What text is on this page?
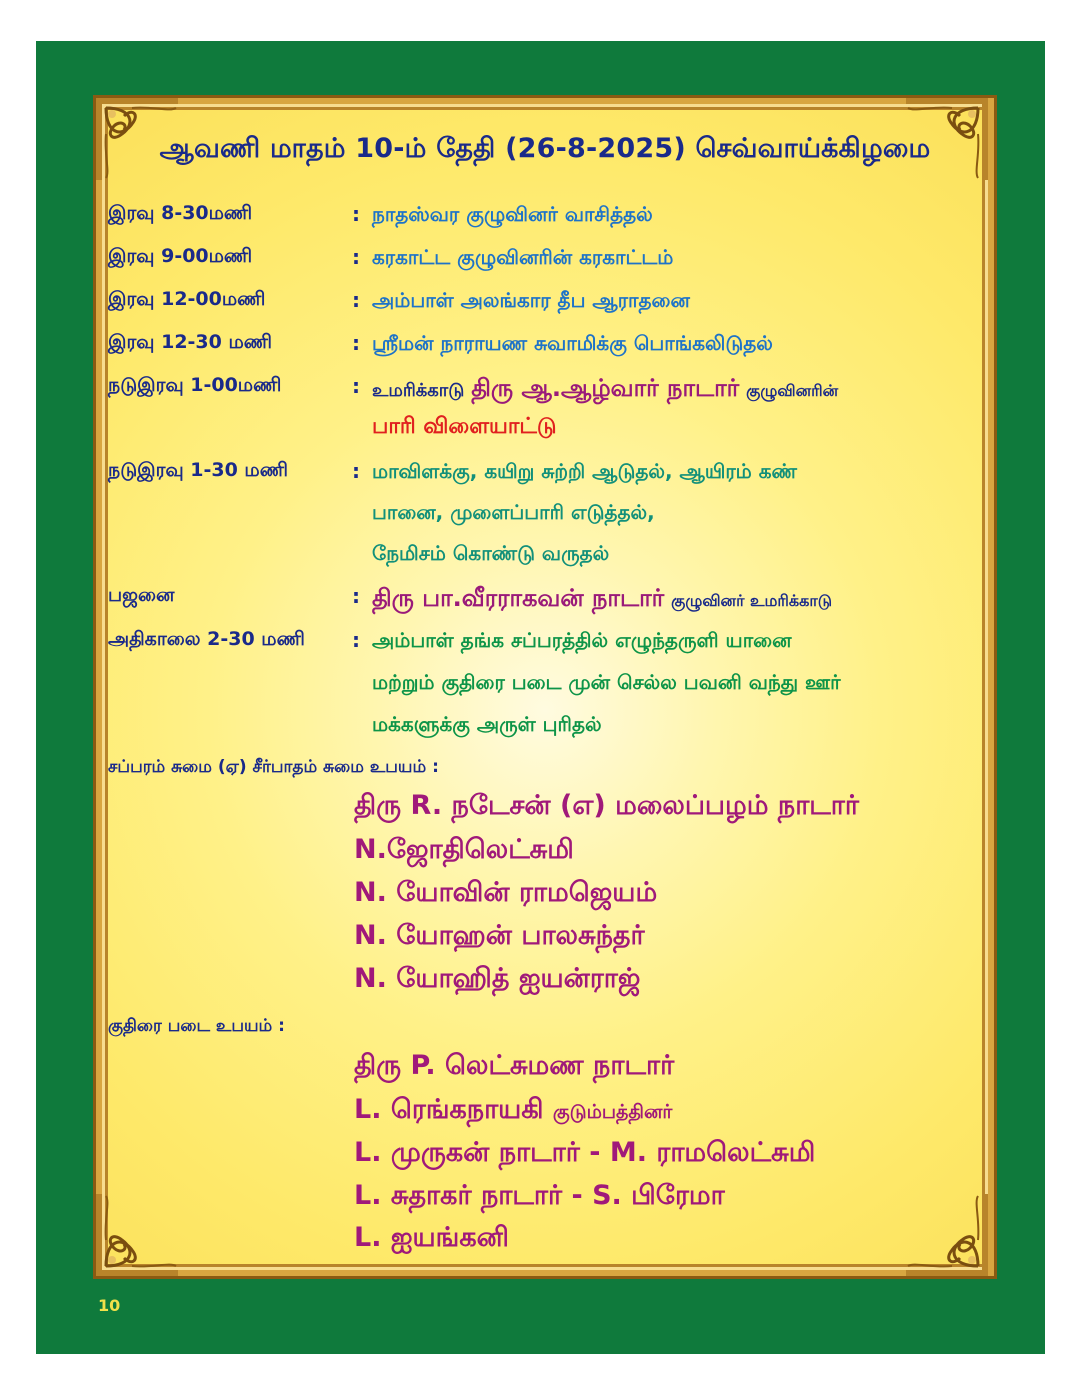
ஆவணி மாதம் 10-ம் தேதி (26-8-2025) செவ்வாய்க்கிழமை
இரவு 8-30மணி	: நாதஸ்வர குழுவினர் வாசித்தல்
இரவு 9-00மணி	: கரகாட்ட குழுவினரின் கரகாட்டம்
இரவு 12-00மணி	: அம்பாள் அலங்கார தீப ஆராதனை
இரவு 12-30 மணி	: ஸ்ரீமன் நாராயண சுவாமிக்கு பொங்கலிடுதல்
நடுஇரவு 1-00மணி	: உமரிக்காடு திரு ஆ.ஆழ்வார் நாடார் குழுவினரின்
பாரி விளையாட்டு
நடுஇரவு 1-30 மணி	: மாவிளக்கு, கயிறு சுற்றி ஆடுதல், ஆயிரம் கண்
பானை, முளைப்பாரி எடுத்தல்,
நேமிசம் கொண்டு வருதல்
பஜனை	: திரு பா.வீரராகவன் நாடார் குழுவினர் உமரிக்காடு
அதிகாலை 2-30 மணி : அம்பாள் தங்க சப்பரத்தில் எழுந்தருளி யானை
மற்றும் குதிரை படை முன் செல்ல பவனி வந்து ஊர்
மக்களுக்கு அருள் புரிதல்
சப்பரம் சுமை (ஏ) சீர்பாதம் சுமை உபயம் :
திரு R. நடேசன் (எ) மலைப்பழம் நாடார்
N.ஜோதிலெட்சுமி
N. யோவின் ராமஜெயம்
N. யோஹன் பாலசுந்தர்
N. யோஹித் ஐயன்ராஜ்
குதிரை படை உபயம் :
திரு P. லெட்சுமண நாடார்
L. ரெங்கநாயகி குடும்பத்தினர்
L. முருகன் நாடார் - M. ராமலெட்சுமி
L. சுதாகர் நாடார் - S. பிரேமா
L. ஐயங்கனி
10
